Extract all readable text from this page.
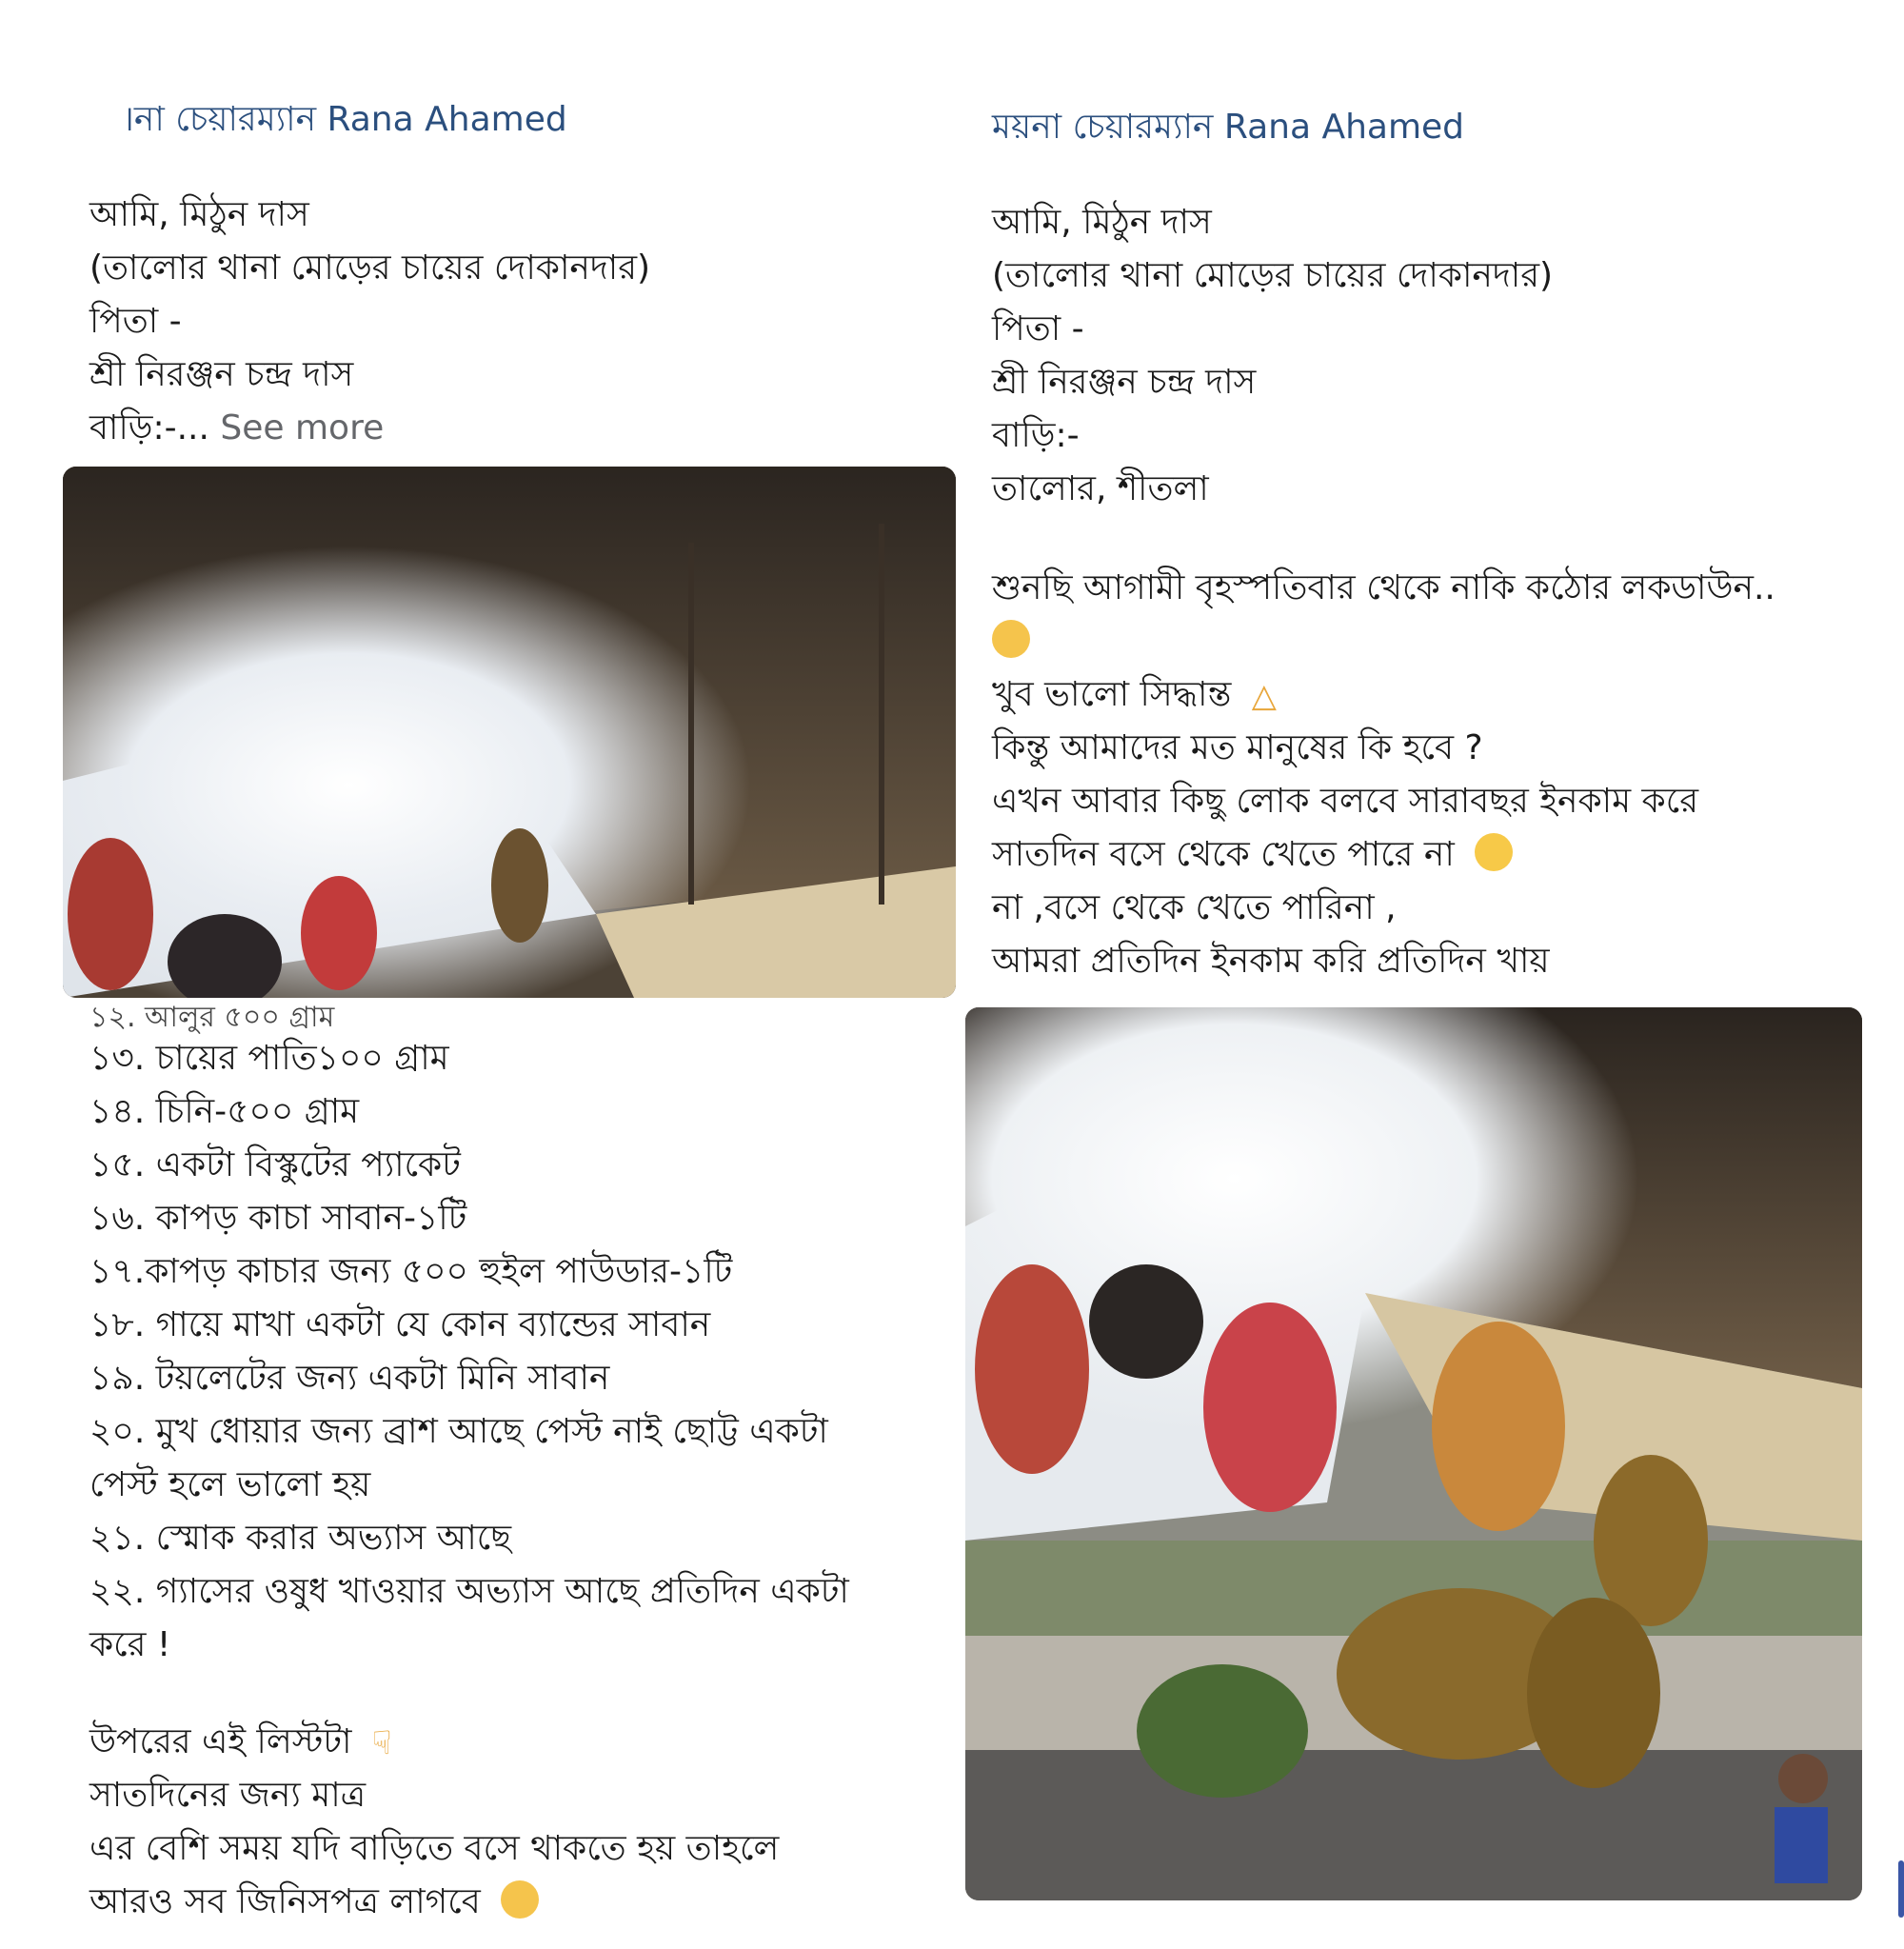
।না চেয়ারম্যান Rana Ahamed
আমি, মিঠুন দাস
(তালোর থানা মোড়ের চায়ের দোকানদার)
পিতা -
শ্রী নিরঞ্জন চন্দ্র দাস
বাড়ি:-... See more
১২. আলুর ৫০০ গ্রাম
১৩. চায়ের পাতি১০০ গ্রাম
১৪. চিনি-৫০০ গ্রাম
১৫. একটা বিস্কুটের প্যাকেট
১৬. কাপড় কাচা সাবান-১টি
১৭.কাপড় কাচার জন্য ৫০০ হুইল পাউডার-১টি
১৮. গায়ে মাখা একটা যে কোন ব্যান্ডের সাবান
১৯. টয়লেটের জন্য একটা মিনি সাবান
২০. মুখ ধোয়ার জন্য ব্রাশ আছে পেস্ট নাই ছোট্ট একটা
পেস্ট হলে ভালো হয়
২১. স্মোক করার অভ্যাস আছে
২২. গ্যাসের ওষুধ খাওয়ার অভ্যাস আছে প্রতিদিন একটা
করে !
উপরের এই লিস্টটা ☟
সাতদিনের জন্য মাত্র
এর বেশি সময় যদি বাড়িতে বসে থাকতে হয় তাহলে
আরও সব জিনিসপত্র লাগবে
ময়না চেয়ারম্যান Rana Ahamed
আমি, মিঠুন দাস
(তালোর থানা মোড়ের চায়ের দোকানদার)
পিতা -
শ্রী নিরঞ্জন চন্দ্র দাস
বাড়ি:-
তালোর, শীতলা
শুনছি আগামী বৃহস্পতিবার থেকে নাকি কঠোর লকডাউন..
খুব ভালো সিদ্ধান্ত △
কিন্তু আমাদের মত মানুষের কি হবে ?
এখন আবার কিছু লোক বলবে সারাবছর ইনকাম করে
সাতদিন বসে থেকে খেতে পারে না
না ,বসে থেকে খেতে পারিনা ,
আমরা প্রতিদিন ইনকাম করি প্রতিদিন খায়
